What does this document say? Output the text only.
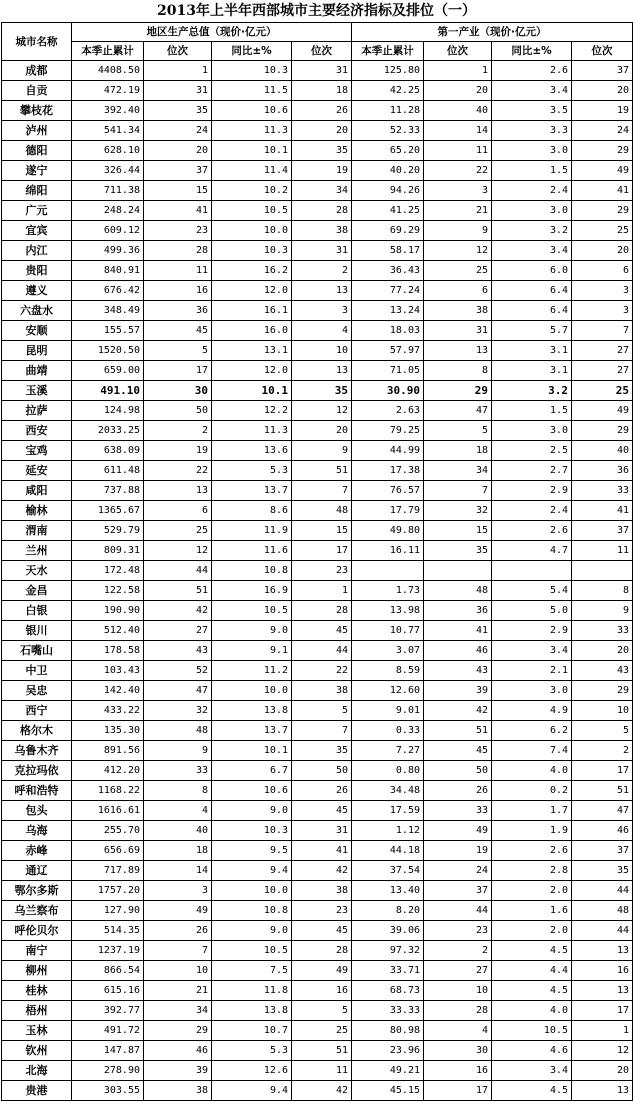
2013年上半年西部城市主要经济指标及排位（一）
城市名称	地区生产总值（现价·亿元）				第一产业（现价·亿元）			
	本季止累计	位次	同比±%	位次	本季止累计	位次	同比±%	位次
成都	4408.50	1	10.3	31	125.80	1	2.6	37
自贡	472.19	31	11.5	18	42.25	20	3.4	20
攀枝花	392.40	35	10.6	26	11.28	40	3.5	19
泸州	541.34	24	11.3	20	52.33	14	3.3	24
德阳	628.10	20	10.1	35	65.20	11	3.0	29
遂宁	326.44	37	11.4	19	40.20	22	1.5	49
绵阳	711.38	15	10.2	34	94.26	3	2.4	41
广元	248.24	41	10.5	28	41.25	21	3.0	29
宜宾	609.12	23	10.0	38	69.29	9	3.2	25
内江	499.36	28	10.3	31	58.17	12	3.4	20
贵阳	840.91	11	16.2	2	36.43	25	6.0	6
遵义	676.42	16	12.0	13	77.24	6	6.4	3
六盘水	348.49	36	16.1	3	13.24	38	6.4	3
安顺	155.57	45	16.0	4	18.03	31	5.7	7
昆明	1520.50	5	13.1	10	57.97	13	3.1	27
曲靖	659.00	17	12.0	13	71.05	8	3.1	27
玉溪	491.10	30	10.1	35	30.90	29	3.2	25
拉萨	124.98	50	12.2	12	2.63	47	1.5	49
西安	2033.25	2	11.3	20	79.25	5	3.0	29
宝鸡	638.09	19	13.6	9	44.99	18	2.5	40
延安	611.48	22	5.3	51	17.38	34	2.7	36
咸阳	737.88	13	13.7	7	76.57	7	2.9	33
榆林	1365.67	6	8.6	48	17.79	32	2.4	41
渭南	529.79	25	11.9	15	49.80	15	2.6	37
兰州	809.31	12	11.6	17	16.11	35	4.7	11
天水	172.48	44	10.8	23				
金昌	122.58	51	16.9	1	1.73	48	5.4	8
白银	190.90	42	10.5	28	13.98	36	5.0	9
银川	512.40	27	9.0	45	10.77	41	2.9	33
石嘴山	178.58	43	9.1	44	3.07	46	3.4	20
中卫	103.43	52	11.2	22	8.59	43	2.1	43
吴忠	142.40	47	10.0	38	12.60	39	3.0	29
西宁	433.22	32	13.8	5	9.01	42	4.9	10
格尔木	135.30	48	13.7	7	0.33	51	6.2	5
乌鲁木齐	891.56	9	10.1	35	7.27	45	7.4	2
克拉玛依	412.20	33	6.7	50	0.80	50	4.0	17
呼和浩特	1168.22	8	10.6	26	34.48	26	0.2	51
包头	1616.61	4	9.0	45	17.59	33	1.7	47
乌海	255.70	40	10.3	31	1.12	49	1.9	46
赤峰	656.69	18	9.5	41	44.18	19	2.6	37
通辽	717.89	14	9.4	42	37.54	24	2.8	35
鄂尔多斯	1757.20	3	10.0	38	13.40	37	2.0	44
乌兰察布	127.90	49	10.8	23	8.20	44	1.6	48
呼伦贝尔	514.35	26	9.0	45	39.06	23	2.0	44
南宁	1237.19	7	10.5	28	97.32	2	4.5	13
柳州	866.54	10	7.5	49	33.71	27	4.4	16
桂林	615.16	21	11.8	16	68.73	10	4.5	13
梧州	392.77	34	13.8	5	33.33	28	4.0	17
玉林	491.72	29	10.7	25	80.98	4	10.5	1
钦州	147.87	46	5.3	51	23.96	30	4.6	12
北海	278.90	39	12.6	11	49.21	16	3.4	20
贵港	303.55	38	9.4	42	45.15	17	4.5	13
